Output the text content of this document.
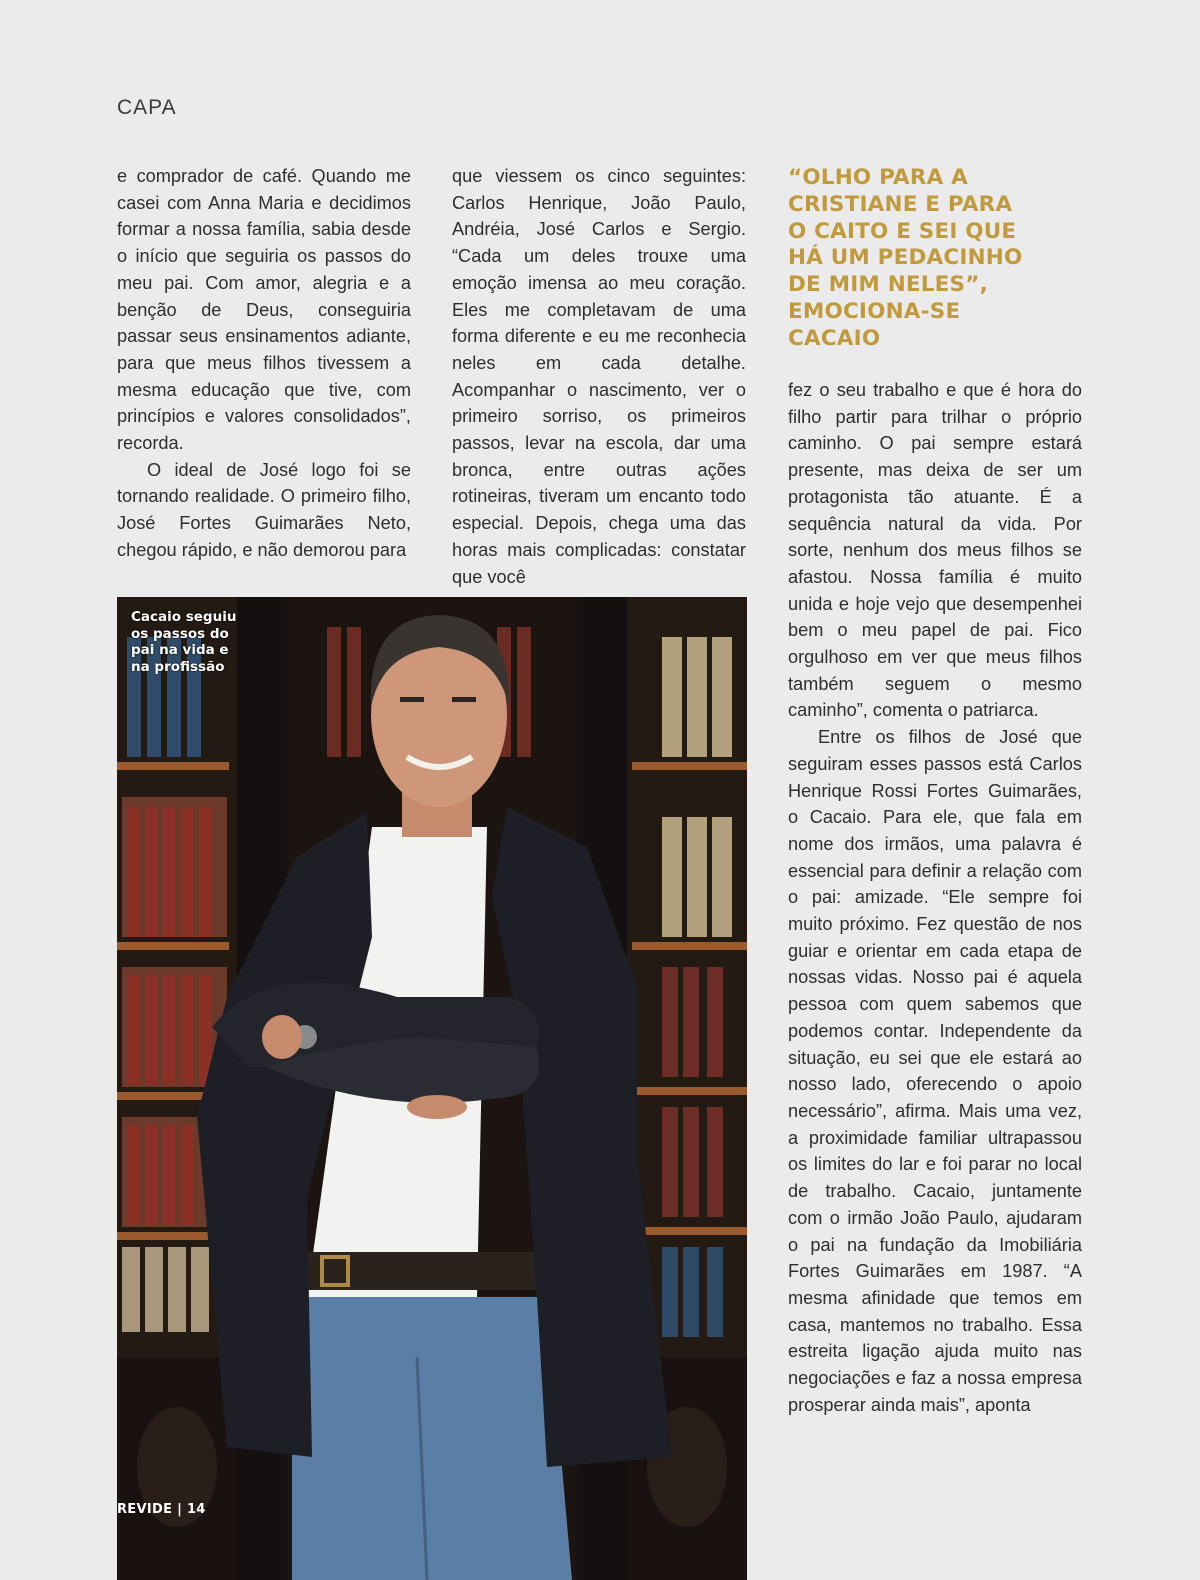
CAPA

e comprador de café. Quando me casei com Anna Maria e decidimos formar a nossa família, sabia desde o início que seguiria os passos do meu pai. Com amor, alegria e a benção de Deus, conseguiria passar seus ensinamentos adiante, para que meus filhos tivessem a mesma educação que tive, com princípios e valores consolidados”, recorda.

O ideal de José logo foi se tornando realidade. O primeiro filho, José Fortes Guimarães Neto, chegou rápido, e não demorou para

que viessem os cinco seguintes: Carlos Henrique, João Paulo, Andréia, José Carlos e Sergio. “Cada um deles trouxe uma emoção imensa ao meu coração. Eles me completavam de uma forma diferente e eu me reconhecia neles em cada detalhe. Acompanhar o nascimento, ver o primeiro sorriso, os primeiros passos, levar na escola, dar uma bronca, entre outras ações rotineiras, tiveram um encanto todo especial. Depois, chega uma das horas mais complicadas: constatar que você

“OLHO PARA A
CRISTIANE E PARA
O CAITO E SEI QUE
HÁ UM PEDACINHO
DE MIM NELES”,
EMOCIONA-SE
CACAIO

fez o seu trabalho e que é hora do filho partir para trilhar o próprio caminho. O pai sempre estará presente, mas deixa de ser um protagonista tão atuante. É a sequência natural da vida. Por sorte, nenhum dos meus filhos se afastou. Nossa família é muito unida e hoje vejo que desempenhei bem o meu papel de pai. Fico orgulhoso em ver que meus filhos também seguem o mesmo caminho”, comenta o patriarca.

Entre os filhos de José que seguiram esses passos está Carlos Henrique Rossi Fortes Guimarães, o Cacaio. Para ele, que fala em nome dos irmãos, uma palavra é essencial para definir a relação com o pai: amizade. “Ele sempre foi muito próximo. Fez questão de nos guiar e orientar em cada etapa de nossas vidas. Nosso pai é aquela pessoa com quem sabemos que podemos contar. Independente da situação, eu sei que ele estará ao nosso lado, oferecendo o apoio necessário”, afirma. Mais uma vez, a proximidade familiar ultrapassou os limites do lar e foi parar no local de trabalho. Cacaio, juntamente com o irmão João Paulo, ajudaram o pai na fundação da Imobiliária Fortes Guimarães em 1987. “A mesma afinidade que temos em casa, mantemos no trabalho. Essa estreita ligação ajuda muito nas negociações e faz a nossa empresa prosperar ainda mais”, aponta

Cacaio seguiu
os passos do
pai na vida e
na profissão
REVIDE | 14
